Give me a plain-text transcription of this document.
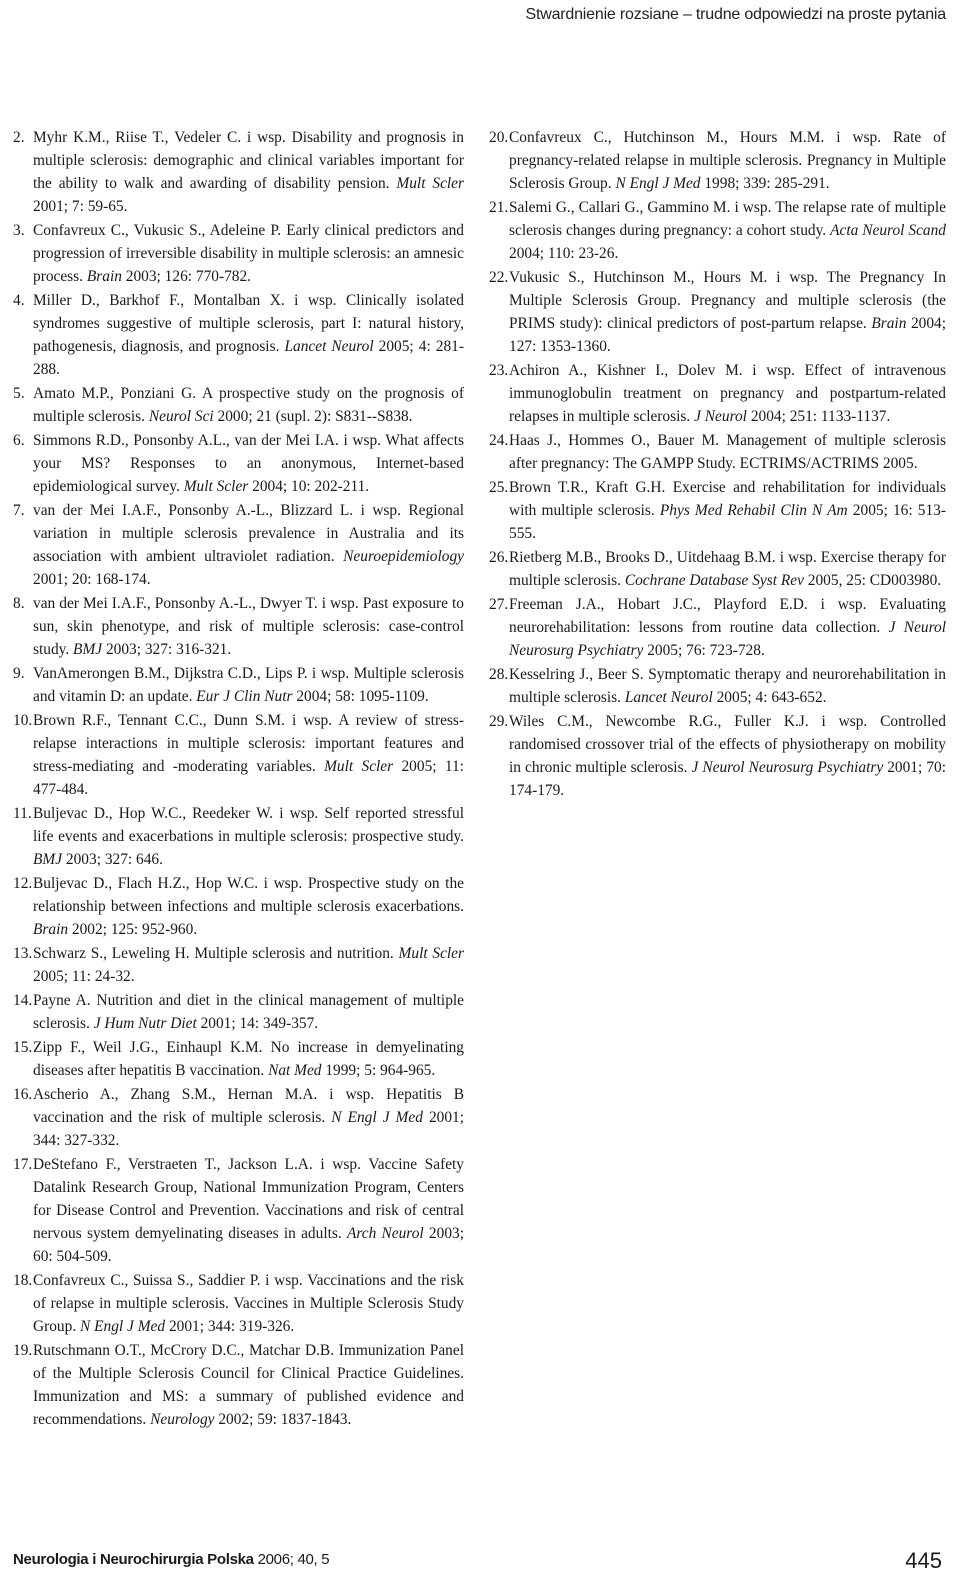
Stwardnienie rozsiane – trudne odpowiedzi na proste pytania
2. Myhr K.M., Riise T., Vedeler C. i wsp. Disability and prognosis in multiple sclerosis: demographic and clinical variables important for the ability to walk and awarding of disability pension. Mult Scler 2001; 7: 59-65.
3. Confavreux C., Vukusic S., Adeleine P. Early clinical predictors and progression of irreversible disability in multiple sclerosis: an amnesic process. Brain 2003; 126: 770-782.
4. Miller D., Barkhof F., Montalban X. i wsp. Clinically isolated syndromes suggestive of multiple sclerosis, part I: natural history, pathogenesis, diagnosis, and prognosis. Lancet Neurol 2005; 4: 281-288.
5. Amato M.P., Ponziani G. A prospective study on the prognosis of multiple sclerosis. Neurol Sci 2000; 21 (supl. 2): S831--S838.
6. Simmons R.D., Ponsonby A.L., van der Mei I.A. i wsp. What affects your MS? Responses to an anonymous, Internet-based epidemiological survey. Mult Scler 2004; 10: 202-211.
7. van der Mei I.A.F., Ponsonby A.-L., Blizzard L. i wsp. Regional variation in multiple sclerosis prevalence in Australia and its association with ambient ultraviolet radiation. Neuroepidemiology 2001; 20: 168-174.
8. van der Mei I.A.F., Ponsonby A.-L., Dwyer T. i wsp. Past exposure to sun, skin phenotype, and risk of multiple sclerosis: case-control study. BMJ 2003; 327: 316-321.
9. VanAmerongen B.M., Dijkstra C.D., Lips P. i wsp. Multiple sclerosis and vitamin D: an update. Eur J Clin Nutr 2004; 58: 1095-1109.
10. Brown R.F., Tennant C.C., Dunn S.M. i wsp. A review of stress-relapse interactions in multiple sclerosis: important features and stress-mediating and -moderating variables. Mult Scler 2005; 11: 477-484.
11. Buljevac D., Hop W.C., Reedeker W. i wsp. Self reported stressful life events and exacerbations in multiple sclerosis: prospective study. BMJ 2003; 327: 646.
12. Buljevac D., Flach H.Z., Hop W.C. i wsp. Prospective study on the relationship between infections and multiple sclerosis exacerbations. Brain 2002; 125: 952-960.
13. Schwarz S., Leweling H. Multiple sclerosis and nutrition. Mult Scler 2005; 11: 24-32.
14. Payne A. Nutrition and diet in the clinical management of multiple sclerosis. J Hum Nutr Diet 2001; 14: 349-357.
15. Zipp F., Weil J.G., Einhaupl K.M. No increase in demyelinating diseases after hepatitis B vaccination. Nat Med 1999; 5: 964-965.
16. Ascherio A., Zhang S.M., Hernan M.A. i wsp. Hepatitis B vaccination and the risk of multiple sclerosis. N Engl J Med 2001; 344: 327-332.
17. DeStefano F., Verstraeten T., Jackson L.A. i wsp. Vaccine Safety Datalink Research Group, National Immunization Program, Centers for Disease Control and Prevention. Vaccinations and risk of central nervous system demyelinating diseases in adults. Arch Neurol 2003; 60: 504-509.
18. Confavreux C., Suissa S., Saddier P. i wsp. Vaccinations and the risk of relapse in multiple sclerosis. Vaccines in Multiple Sclerosis Study Group. N Engl J Med 2001; 344: 319-326.
19. Rutschmann O.T., McCrory D.C., Matchar D.B. Immunization Panel of the Multiple Sclerosis Council for Clinical Practice Guidelines. Immunization and MS: a summary of published evidence and recommendations. Neurology 2002; 59: 1837-1843.
20. Confavreux C., Hutchinson M., Hours M.M. i wsp. Rate of pregnancy-related relapse in multiple sclerosis. Pregnancy in Multiple Sclerosis Group. N Engl J Med 1998; 339: 285-291.
21. Salemi G., Callari G., Gammino M. i wsp. The relapse rate of multiple sclerosis changes during pregnancy: a cohort study. Acta Neurol Scand 2004; 110: 23-26.
22. Vukusic S., Hutchinson M., Hours M. i wsp. The Pregnancy In Multiple Sclerosis Group. Pregnancy and multiple sclerosis (the PRIMS study): clinical predictors of post-partum relapse. Brain 2004; 127: 1353-1360.
23. Achiron A., Kishner I., Dolev M. i wsp. Effect of intravenous immunoglobulin treatment on pregnancy and postpartum-related relapses in multiple sclerosis. J Neurol 2004; 251: 1133-1137.
24. Haas J., Hommes O., Bauer M. Management of multiple sclerosis after pregnancy: The GAMPP Study. ECTRIMS/ACTRIMS 2005.
25. Brown T.R., Kraft G.H. Exercise and rehabilitation for individuals with multiple sclerosis. Phys Med Rehabil Clin N Am 2005; 16: 513-555.
26. Rietberg M.B., Brooks D., Uitdehaag B.M. i wsp. Exercise therapy for multiple sclerosis. Cochrane Database Syst Rev 2005, 25: CD003980.
27. Freeman J.A., Hobart J.C., Playford E.D. i wsp. Evaluating neurorehabilitation: lessons from routine data collection. J Neurol Neurosurg Psychiatry 2005; 76: 723-728.
28. Kesselring J., Beer S. Symptomatic therapy and neurorehabilitation in multiple sclerosis. Lancet Neurol 2005; 4: 643-652.
29. Wiles C.M., Newcombe R.G., Fuller K.J. i wsp. Controlled randomised crossover trial of the effects of physiotherapy on mobility in chronic multiple sclerosis. J Neurol Neurosurg Psychiatry 2001; 70: 174-179.
Neurologia i Neurochirurgia Polska 2006; 40, 5	445
